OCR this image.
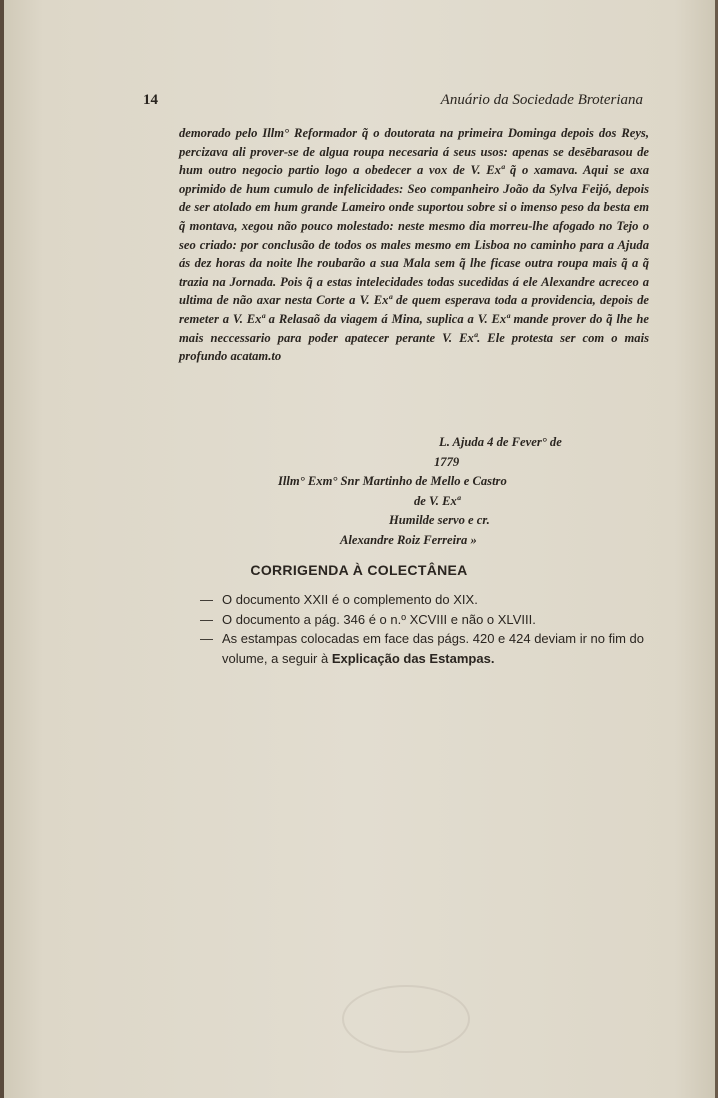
14	Anuário da Sociedade Broteriana

demorado pelo Illm° Reformador q̃ o doutorata na primeira Dominga depois dos Reys, percizava ali prover-se de algua roupa necesaria á seus usos: apenas se desēbarasou de hum outro negocio partio logo a obedecer a vox de V. Exª q̃ o xamava. Aqui se axa oprimido de hum cumulo de infelicidades: Seo companheiro João da Sylva Feijó, depois de ser atolado em hum grande Lameiro onde suportou sobre si o imenso peso da besta em q̃ montava, xegou não pouco molestado: neste mesmo dia morreu-lhe afogado no Tejo o seo criado: por conclusão de todos os males mesmo em Lisboa no caminho para a Ajuda ás dez horas da noite lhe roubarão a sua Mala sem q̃ lhe ficase outra roupa mais q̃ a q̃ trazia na Jornada. Pois q̃ a estas intelecidades todas sucedidas á ele Alexandre acreceo a ultima de não axar nesta Corte a V. Exª de quem esperava toda a providencia, depois de remeter a V. Exª a Relasaõ da viagem á Mina, suplica a V. Exª mande prover do q̃ lhe he mais neccessario para poder apatecer perante V. Exª. Ele protesta ser com o mais profundo acatam.to

L. Ajuda 4 de Fever° de
1779
Illm° Exm° Snr Martinho de Mello e Castro
de V. Exª
Humilde servo e cr.
Alexandre Roiz Ferreira »
CORRIGENDA À COLECTÂNEA
— O documento XXII é o complemento do XIX.
— O documento a pág. 346 é o n.º XCVIII e não o XLVIII.
— As estampas colocadas em face das págs. 420 e 424 deviam ir no fim do volume, a seguir à Explicação das Estampas.
